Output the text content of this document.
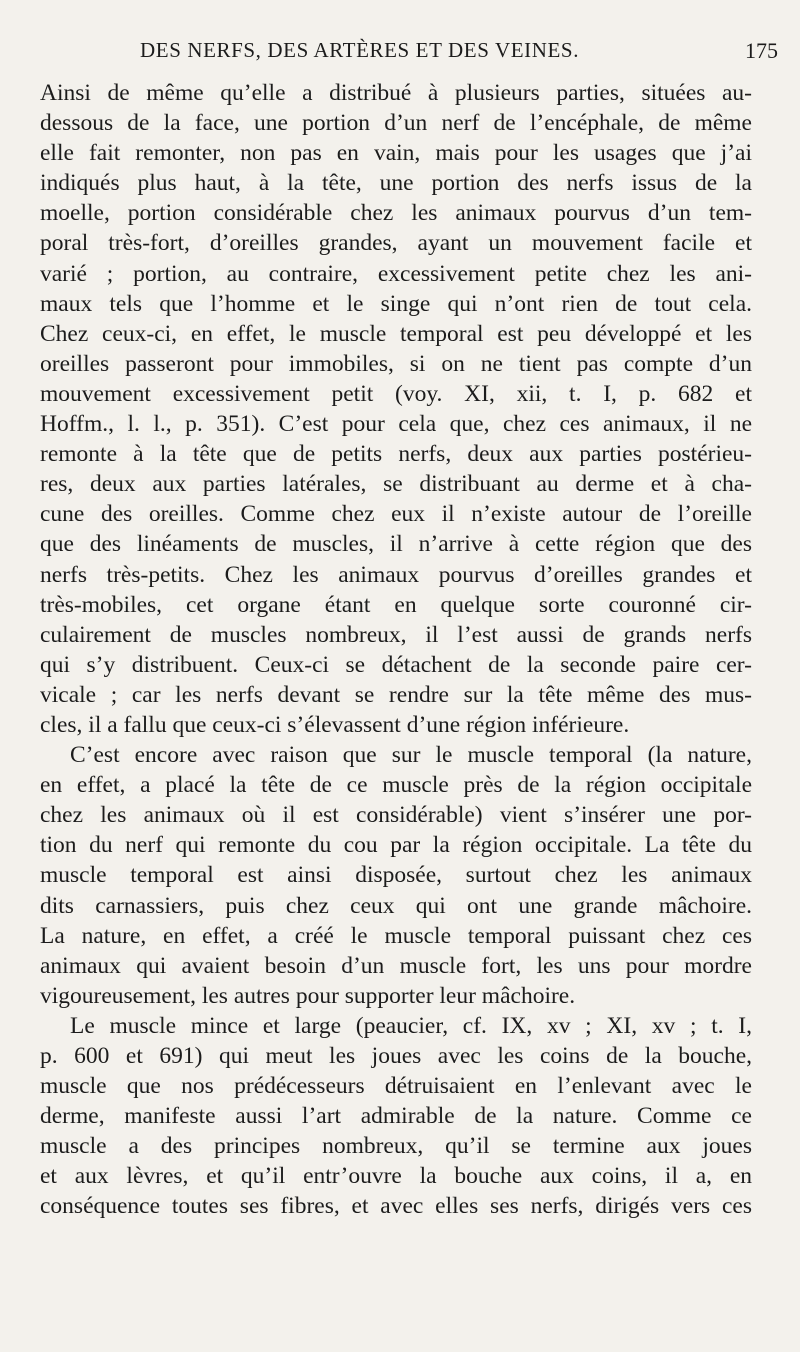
DES NERFS, DES ARTÈRES ET DES VEINES.	175
Ainsi de même qu’elle a distribué à plusieurs parties, situées au-
dessous de la face, une portion d’un nerf de l’encéphale, de même
elle fait remonter, non pas en vain, mais pour les usages que j’ai
indiqués plus haut, à la tête, une portion des nerfs issus de la
moelle, portion considérable chez les animaux pourvus d’un tem-
poral très-fort, d’oreilles grandes, ayant un mouvement facile et
varié ; portion, au contraire, excessivement petite chez les ani-
maux tels que l’homme et le singe qui n’ont rien de tout cela.
Chez ceux-ci, en effet, le muscle temporal est peu développé et les
oreilles passeront pour immobiles, si on ne tient pas compte d’un
mouvement excessivement petit (voy. XI, xii, t. I, p. 682 et
Hoffm., l. l., p. 351). C’est pour cela que, chez ces animaux, il ne
remonte à la tête que de petits nerfs, deux aux parties postérieu-
res, deux aux parties latérales, se distribuant au derme et à cha-
cune des oreilles. Comme chez eux il n’existe autour de l’oreille
que des linéaments de muscles, il n’arrive à cette région que des
nerfs très-petits. Chez les animaux pourvus d’oreilles grandes et
très-mobiles, cet organe étant en quelque sorte couronné cir-
culairement de muscles nombreux, il l’est aussi de grands nerfs
qui s’y distribuent. Ceux-ci se détachent de la seconde paire cer-
vicale ; car les nerfs devant se rendre sur la tête même des mus-
cles, il a fallu que ceux-ci s’élevassent d’une région inférieure.
C’est encore avec raison que sur le muscle temporal (la nature,
en effet, a placé la tête de ce muscle près de la région occipitale
chez les animaux où il est considérable) vient s’insérer une por-
tion du nerf qui remonte du cou par la région occipitale. La tête du
muscle temporal est ainsi disposée, surtout chez les animaux
dits carnassiers, puis chez ceux qui ont une grande mâchoire.
La nature, en effet, a créé le muscle temporal puissant chez ces
animaux qui avaient besoin d’un muscle fort, les uns pour mordre
vigoureusement, les autres pour supporter leur mâchoire.
Le muscle mince et large (peaucier, cf. IX, xv ; XI, xv ; t. I,
p. 600 et 691) qui meut les joues avec les coins de la bouche,
muscle que nos prédécesseurs détruisaient en l’enlevant avec le
derme, manifeste aussi l’art admirable de la nature. Comme ce
muscle a des principes nombreux, qu’il se termine aux joues
et aux lèvres, et qu’il entr’ouvre la bouche aux coins, il a, en
conséquence toutes ses fibres, et avec elles ses nerfs, dirigés vers ces
